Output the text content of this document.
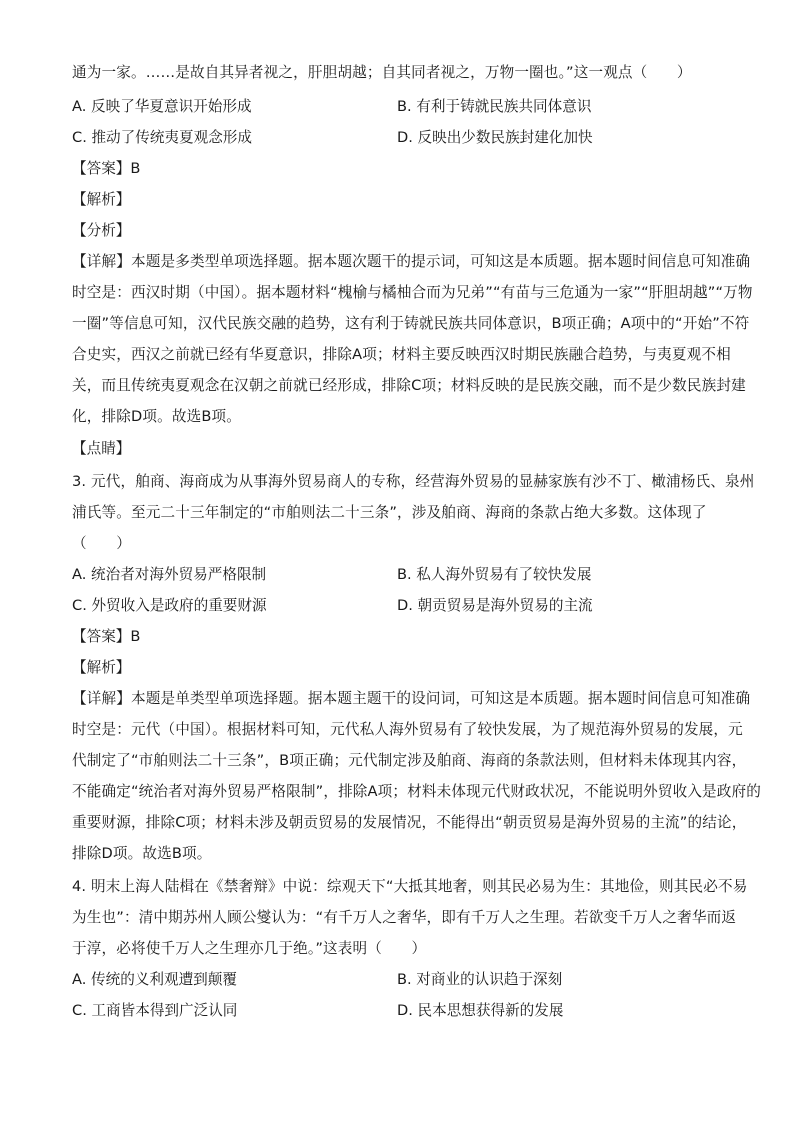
通为一家。……是故自其异者视之，肝胆胡越；自其同者视之，万物一圈也。”这一观点（　　）
A. 反映了华夏意识开始形成	B. 有利于铸就民族共同体意识
C. 推动了传统夷夏观念形成	D. 反映出少数民族封建化加快
【答案】B
【解析】
【分析】
【详解】本题是多类型单项选择题。据本题次题干的提示词，可知这是本质题。据本题时间信息可知准确
时空是：西汉时期（中国）。据本题材料“槐榆与橘柚合而为兄弟”“有苗与三危通为一家”“肝胆胡越”“万物
一圈”等信息可知，汉代民族交融的趋势，这有利于铸就民族共同体意识，B项正确；A项中的“开始”不符
合史实，西汉之前就已经有华夏意识，排除A项；材料主要反映西汉时期民族融合趋势，与夷夏观不相
关，而且传统夷夏观念在汉朝之前就已经形成，排除C项；材料反映的是民族交融，而不是少数民族封建
化，排除D项。故选B项。
【点睛】
3. 元代，舶商、海商成为从事海外贸易商人的专称，经营海外贸易的显赫家族有沙不丁、橄浦杨氏、泉州
浦氏等。至元二十三年制定的“市舶则法二十三条”，涉及舶商、海商的条款占绝大多数。这体现了
（　　）
A. 统治者对海外贸易严格限制	B. 私人海外贸易有了较快发展
C. 外贸收入是政府的重要财源	D. 朝贡贸易是海外贸易的主流
【答案】B
【解析】
【详解】本题是单类型单项选择题。据本题主题干的设问词，可知这是本质题。据本题时间信息可知准确
时空是：元代（中国）。根据材料可知，元代私人海外贸易有了较快发展，为了规范海外贸易的发展，元
代制定了“市舶则法二十三条”，B项正确；元代制定涉及舶商、海商的条款法则，但材料未体现其内容，
不能确定“统治者对海外贸易严格限制”，排除A项；材料未体现元代财政状况，不能说明外贸收入是政府的
重要财源，排除C项；材料未涉及朝贡贸易的发展情况，不能得出“朝贡贸易是海外贸易的主流”的结论，
排除D项。故选B项。
4. 明末上海人陆楫在《禁奢辩》中说：综观天下“大抵其地奢，则其民必易为生：其地俭，则其民必不易
为生也”：清中期苏州人顾公燮认为：“有千万人之奢华，即有千万人之生理。若欲变千万人之奢华而返
于淳，必将使千万人之生理亦几于绝。”这表明（　　）
A. 传统的义利观遭到颠覆	B. 对商业的认识趋于深刻
C. 工商皆本得到广泛认同	D. 民本思想获得新的发展
